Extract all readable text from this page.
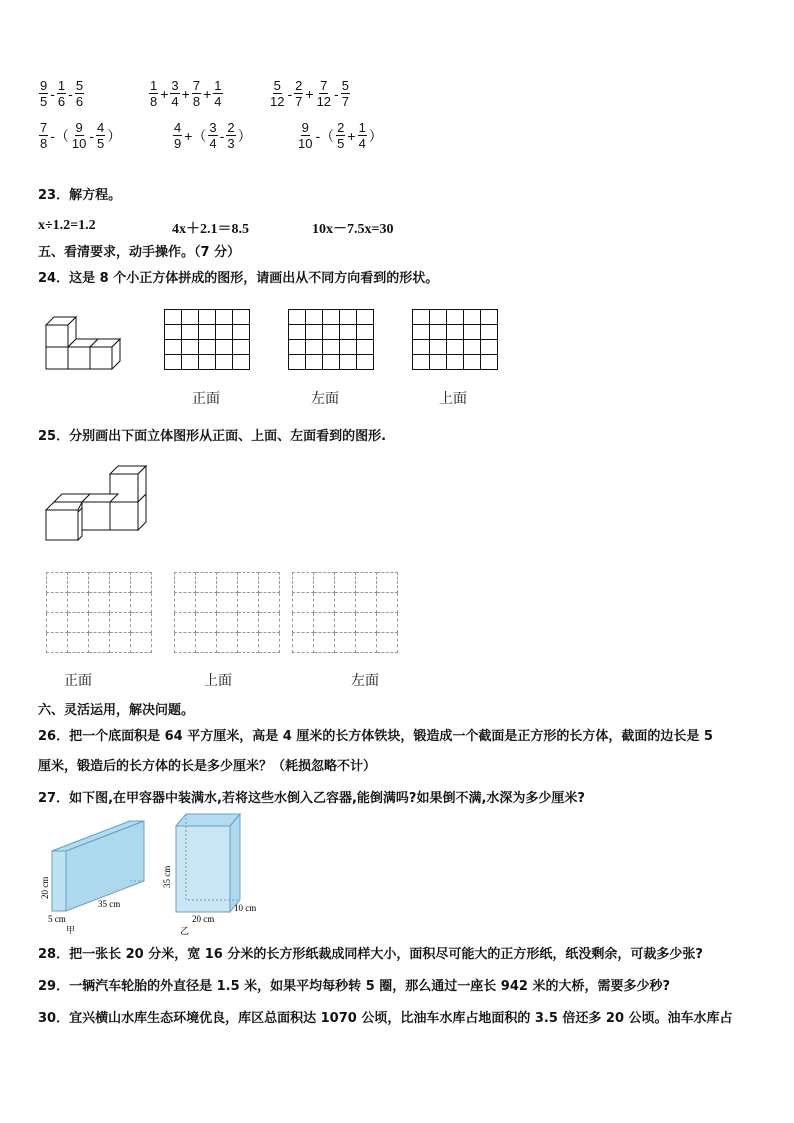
$\frac{9}{5} - \frac{1}{6} - \frac{5}{6}$	$\frac{1}{8} + \frac{3}{4} + \frac{7}{8} + \frac{1}{4}$	$\frac{5}{12} - \frac{2}{7} + \frac{7}{12} - \frac{5}{7}$
$\frac{7}{8}$ -（ $\frac{9}{10} - \frac{4}{5}$ ）	$\frac{4}{9}$ +（ $\frac{3}{4} - \frac{2}{3}$ ）	$\frac{9}{10}$ -（ $\frac{2}{5} + \frac{1}{4}$ ）
23．解方程。
x÷1.2=1.2	4x＋2.1＝8.5	10x－7.5x=30
五、看清要求，动手操作。（7 分）
24．这是 8 个小正方体拼成的图形，请画出从不同方向看到的形状。

正面	左面	上面
25．分别画出下面立体图形从正面、上面、左面看到的图形.

正面	上面	左面
六、灵活运用，解决问题。
26．把一个底面积是 64 平方厘米，高是 4 厘米的长方体铁块，锻造成一个截面是正方形的长方体，截面的边长是 5
厘米，锻造后的长方体的长是多少厘米？（耗损忽略不计）
27．如下图,在甲容器中装满水,若将这些水倒入乙容器,能倒满吗?如果倒不满,水深为多少厘米?
20 cm
5 cm
35 cm
甲
35 cm
20 cm
10 cm
乙
28．把一张长 20 分米，宽 16 分米的长方形纸裁成同样大小，面积尽可能大的正方形纸，纸没剩余，可裁多少张?
29．一辆汽车轮胎的外直径是 1.5 米，如果平均每秒转 5 圈，那么通过一座长 942 米的大桥，需要多少秒?
30．宜兴横山水库生态环境优良，库区总面积达 1070 公顷，比油车水库占地面积的 3.5 倍还多 20 公顷。油车水库占
